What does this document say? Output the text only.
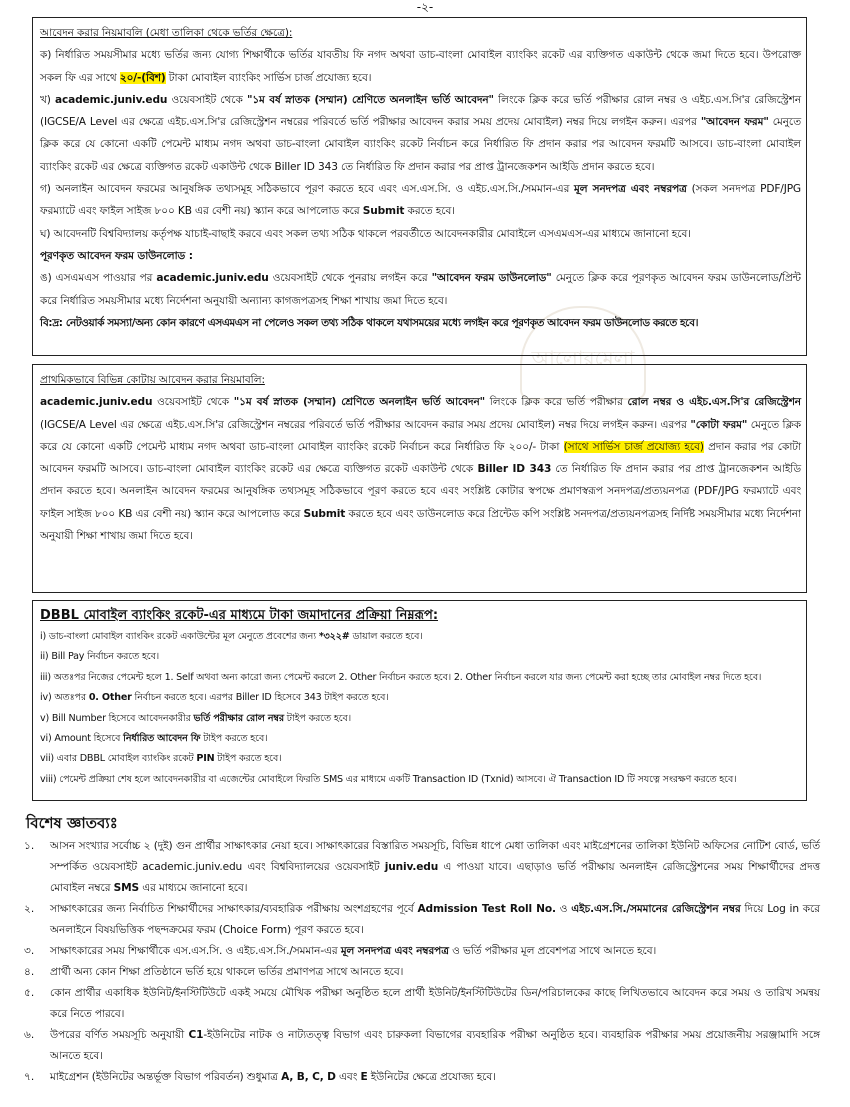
-২-
আলোরমেলা

আবেদন করার নিয়মাবলি (মেধা তালিকা থেকে ভর্তির ক্ষেত্রে):

ক) নির্ধারিত সময়সীমার মধ্যে ভর্তির জন্য যোগ্য শিক্ষার্থীকে ভর্তির যাবতীয় ফি নগদ অথবা ডাচ-বাংলা মোবাইল ব্যাংকিং রকেট এর ব্যক্তিগত একাউন্ট থেকে জমা দিতে হবে। উপরোক্ত সকল ফি এর সাথে ২০/-(বিশ) টাকা মোবাইল ব্যাংকিং সার্ভিস চার্জ প্রযোজ্য হবে।

খ) academic.juniv.edu ওয়েবসাইট থেকে "১ম বর্ষ স্নাতক (সম্মান) শ্রেণিতে অনলাইন ভর্তি আবেদন" লিংকে ক্লিক করে ভর্তি পরীক্ষার রোল নম্বর ও এইচ.এস.সি'র রেজিস্ট্রেশন (IGCSE/A Level এর ক্ষেত্রে এইচ.এস.সি'র রেজিস্ট্রেশন নম্বরের পরিবর্তে ভর্তি পরীক্ষার আবেদন করার সময় প্রদেয় মোবাইল) নম্বর দিয়ে লগইন করুন। এরপর "আবেদন ফরম" মেনুতে ক্লিক করে যে কোনো একটি পেমেন্ট মাধ্যম নগদ অথবা ডাচ-বাংলা মোবাইল ব্যাংকিং রকেট নির্বাচন করে নির্ধারিত ফি প্রদান করার পর আবেদন ফরমটি আসবে। ডাচ-বাংলা মোবাইল ব্যাংকিং রকেট এর ক্ষেত্রে ব্যক্তিগত রকেট একাউন্ট থেকে Biller ID 343 তে নির্ধারিত ফি প্রদান করার পর প্রাপ্ত ট্রানজেকশন আইডি প্রদান করতে হবে।

গ) অনলাইন আবেদন ফরমের আনুষঙ্গিক তথ্যসমূহ সঠিকভাবে পূরণ করতে হবে এবং এস.এস.সি. ও এইচ.এস.সি./সমমান-এর মূল সনদপত্র এবং নম্বরপত্র (সকল সনদপত্র PDF/JPG ফরম্যাটে এবং ফাইল সাইজ ৮০০ KB এর বেশী নয়) স্ক্যান করে আপলোড করে Submit করতে হবে।

ঘ) আবেদনটি বিশ্ববিদ্যালয় কর্তৃপক্ষ যাচাই-বাছাই করবে এবং সকল তথ্য সঠিক থাকলে পরবর্তীতে আবেদনকারীর মোবাইলে এসএমএস-এর মাধ্যমে জানানো হবে।

পূরণকৃত আবেদন ফরম ডাউনলোড :

ঙ) এসএমএস পাওয়ার পর academic.juniv.edu ওয়েবসাইট থেকে পুনরায় লগইন করে "আবেদন ফরম ডাউনলোড" মেনুতে ক্লিক করে পূরণকৃত আবেদন ফরম ডাউনলোড/প্রিন্ট করে নির্ধারিত সময়সীমার মধ্যে নির্দেশনা অনুযায়ী অন্যান্য কাগজপত্রসহ শিক্ষা শাখায় জমা দিতে হবে।

বি:দ্র: নেটওয়ার্ক সমস্যা/অন্য কোন কারণে এসএমএস না পেলেও সকল তথ্য সঠিক থাকলে যথাসময়ের মধ্যে লগইন করে পূরণকৃত আবেদন ফরম ডাউনলোড করতে হবে।

প্রাথমিকভাবে বিভিন্ন কোটায় আবেদন করার নিয়মাবলি:

academic.juniv.edu ওয়েবসাইট থেকে "১ম বর্ষ স্নাতক (সম্মান) শ্রেণিতে অনলাইন ভর্তি আবেদন" লিংকে ক্লিক করে ভর্তি পরীক্ষার রোল নম্বর ও এইচ.এস.সি'র রেজিস্ট্রেশন (IGCSE/A Level এর ক্ষেত্রে এইচ.এস.সি'র রেজিস্ট্রেশন নম্বরের পরিবর্তে ভর্তি পরীক্ষার আবেদন করার সময় প্রদেয় মোবাইল) নম্বর দিয়ে লগইন করুন। এরপর "কোটা ফরম" মেনুতে ক্লিক করে যে কোনো একটি পেমেন্ট মাধ্যম নগদ অথবা ডাচ-বাংলা মোবাইল ব্যাংকিং রকেট নির্বাচন করে নির্ধারিত ফি ২০০/- টাকা (সাথে সার্ভিস চার্জ প্রযোজ্য হবে) প্রদান করার পর কোটা আবেদন ফরমটি আসবে। ডাচ-বাংলা মোবাইল ব্যাংকিং রকেট এর ক্ষেত্রে ব্যক্তিগত রকেট একাউন্ট থেকে Biller ID 343 তে নির্ধারিত ফি প্রদান করার পর প্রাপ্ত ট্রানজেকশন আইডি প্রদান করতে হবে। অনলাইন আবেদন ফরমের আনুষঙ্গিক তথ্যসমূহ সঠিকভাবে পূরণ করতে হবে এবং সংশ্লিষ্ট কোটার স্বপক্ষে প্রমাণস্বরূপ সনদপত্র/প্রত্যয়নপত্র (PDF/JPG ফরম্যাটে এবং ফাইল সাইজ ৮০০ KB এর বেশী নয়) স্ক্যান করে আপলোড করে Submit করতে হবে এবং ডাউনলোড করে প্রিন্টেড কপি সংশ্লিষ্ট সনদপত্র/প্রত্যয়নপত্রসহ নির্দিষ্ট সময়সীমার মধ্যে নির্দেশনা অনুযায়ী শিক্ষা শাখায় জমা দিতে হবে।

DBBL মোবাইল ব্যাংকিং রকেট-এর মাধ্যমে টাকা জমাদানের প্রক্রিয়া নিম্নরূপ:

i) ডাচ-বাংলা মোবাইল ব্যাংকিং রকেট একাউন্টের মূল মেনুতে প্রবেশের জন্য *৩২২# ডায়াল করতে হবে।

ii) Bill Pay নির্বাচন করতে হবে।

iii) অতঃপর নিজের পেমেন্ট হলে 1. Self অথবা অন্য কারো জন্য পেমেন্ট করলে 2. Other নির্বাচন করতে হবে। 2. Other নির্বাচন করলে যার জন্য পেমেন্ট করা হচ্ছে তার মোবাইল নম্বর দিতে হবে।

iv) অতঃপর 0. Other নির্বাচন করতে হবে। এরপর Biller ID হিসেবে 343 টাইপ করতে হবে।

v) Bill Number হিসেবে আবেদনকারীর ভর্তি পরীক্ষার রোল নম্বর টাইপ করতে হবে।

vi) Amount হিসেবে নির্ধারিত আবেদন ফি টাইপ করতে হবে।

vii) এবার DBBL মোবাইল ব্যাংকিং রকেট PIN টাইপ করতে হবে।

viii) পেমেন্ট প্রক্রিয়া শেষ হলে আবেদনকারীর বা এজেন্টের মোবাইলে ফিরতি SMS এর মাধ্যমে একটি Transaction ID (Txnid) আসবে। ঐ Transaction ID টি সযত্নে সংরক্ষণ করতে হবে।

বিশেষ জ্ঞাতব্যঃ
১.	আসন সংখ্যার সর্বোচ্চ ২ (দুই) গুন প্রার্থীর সাক্ষাৎকার নেয়া হবে। সাক্ষাৎকারের বিস্তারিত সময়সূচি, বিভিন্ন ধাপে মেধা তালিকা এবং মাইগ্রেশনের তালিকা ইউনিট অফিসের নোটিশ বোর্ড, ভর্তি সম্পর্কিত ওয়েবসাইট academic.juniv.edu এবং বিশ্ববিদ্যালয়ের ওয়েবসাইট juniv.edu এ পাওয়া যাবে। এছাড়াও ভর্তি পরীক্ষায় অনলাইন রেজিস্ট্রেশনের সময় শিক্ষার্থীদের প্রদত্ত মোবাইল নম্বরে SMS এর মাধ্যমে জানানো হবে।
২.	সাক্ষাৎকারের জন্য নির্বাচিত শিক্ষার্থীদের সাক্ষাৎকার/ব্যবহারিক পরীক্ষায় অংশগ্রহণের পূর্বে Admission Test Roll No. ও এইচ.এস.সি./সমমানের রেজিস্ট্রেশন নম্বর দিয়ে Log in করে অনলাইনে বিষয়ভিত্তিক পছন্দক্রমের ফরম (Choice Form) পূরণ করতে হবে।
৩.	সাক্ষাৎকারের সময় শিক্ষার্থীকে এস.এস.সি. ও এইচ.এস.সি./সমমান-এর মূল সনদপত্র এবং নম্বরপত্র ও ভর্তি পরীক্ষার মূল প্রবেশপত্র সাথে আনতে হবে।
৪.	প্রার্থী অন্য কোন শিক্ষা প্রতিষ্ঠানে ভর্তি হয়ে থাকলে ভর্তির প্রমাণপত্র সাথে আনতে হবে।
৫.	কোন প্রার্থীর একাধিক ইউনিট/ইনস্টিটিউটে একই সময়ে মৌখিক পরীক্ষা অনুষ্ঠিত হলে প্রার্থী ইউনিট/ইনস্টিটিউটের ডিন/পরিচালকের কাছে লিখিতভাবে আবেদন করে সময় ও তারিখ সমন্বয় করে নিতে পারবে।
৬.	উপরের বর্ণিত সময়সূচি অনুযায়ী C1-ইউনিটের নাটক ও নাট্যতত্ত্ব বিভাগ এবং চারুকলা বিভাগের ব্যবহারিক পরীক্ষা অনুষ্ঠিত হবে। ব্যবহারিক পরীক্ষার সময় প্রয়োজনীয় সরঞ্জামাদি সঙ্গে আনতে হবে।
৭.	মাইগ্রেশন (ইউনিটের অন্তর্ভূক্ত বিভাগ পরিবর্তন) শুধুমাত্র A, B, C, D এবং E ইউনিটের ক্ষেত্রে প্রযোজ্য হবে।
